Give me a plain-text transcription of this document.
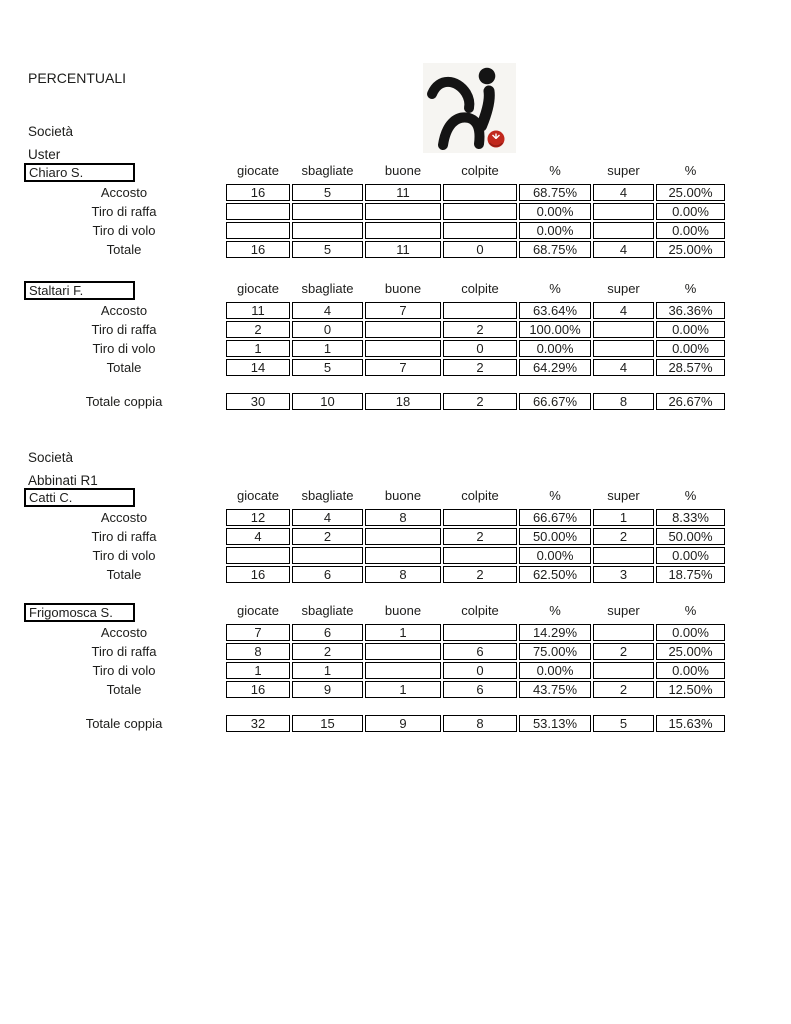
PERCENTUALI
Società
Uster
Chiaro S.	giocate	sbagliate	buone	colpite	%	super	%
Accosto	16	5	11		68.75%	4	25.00%
Tiro di raffa					0.00%		0.00%
Tiro di volo					0.00%		0.00%
Totale	16	5	11	0	68.75%	4	25.00%
Staltari F.	giocate	sbagliate	buone	colpite	%	super	%
Accosto	11	4	7		63.64%	4	36.36%
Tiro di raffa	2	0		2	100.00%		0.00%
Tiro di volo	1	1		0	0.00%		0.00%
Totale	14	5	7	2	64.29%	4	28.57%
Totale coppia	30	10	18	2	66.67%	8	26.67%
Società
Abbinati R1
Catti C.	giocate	sbagliate	buone	colpite	%	super	%
Accosto	12	4	8		66.67%	1	8.33%
Tiro di raffa	4	2		2	50.00%	2	50.00%
Tiro di volo					0.00%		0.00%
Totale	16	6	8	2	62.50%	3	18.75%
Frigomosca S.	giocate	sbagliate	buone	colpite	%	super	%
Accosto	7	6	1		14.29%		0.00%
Tiro di raffa	8	2		6	75.00%	2	25.00%
Tiro di volo	1	1		0	0.00%		0.00%
Totale	16	9	1	6	43.75%	2	12.50%
Totale coppia	32	15	9	8	53.13%	5	15.63%
